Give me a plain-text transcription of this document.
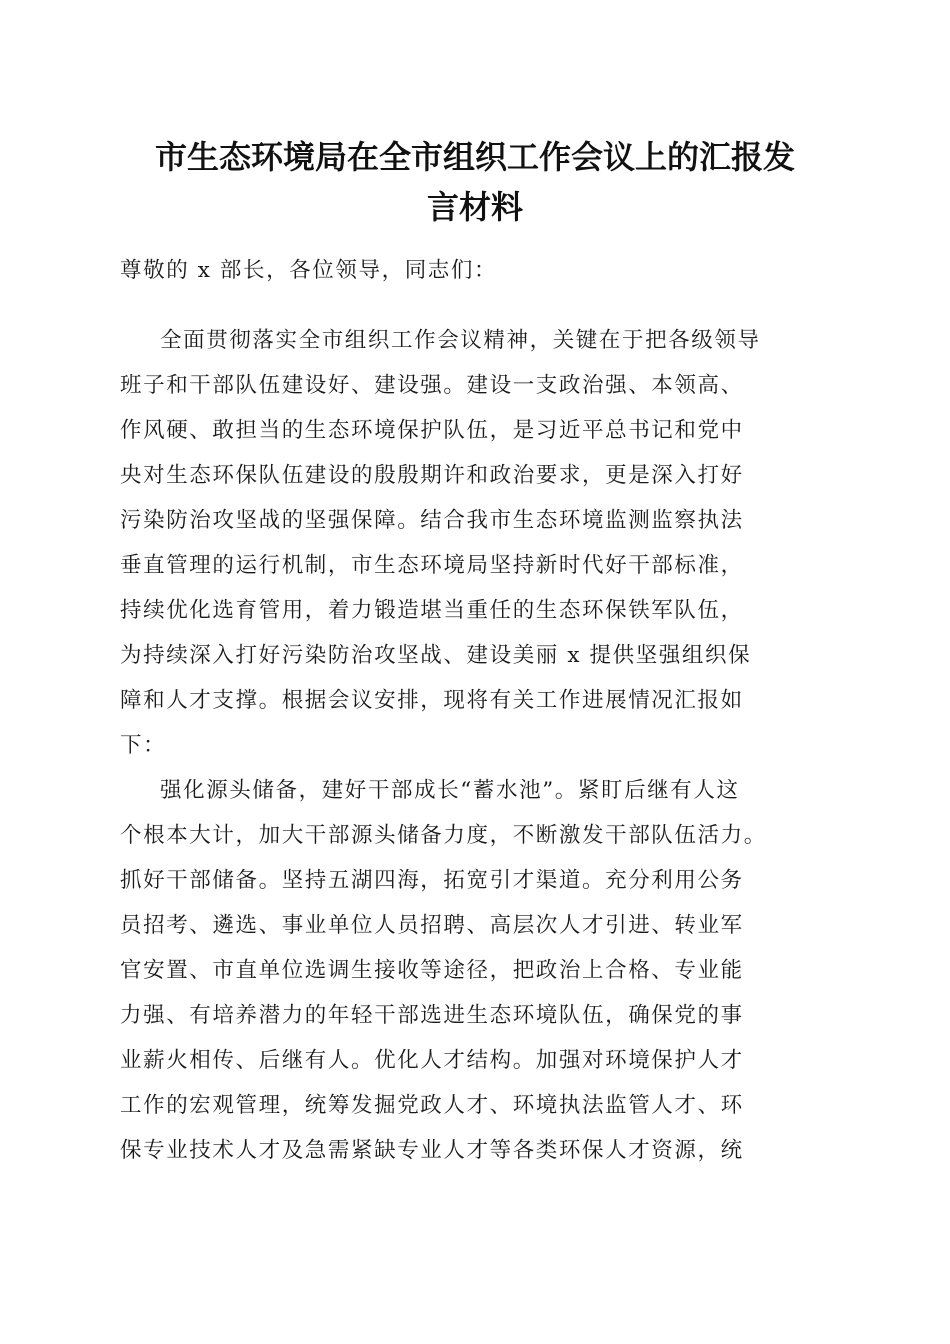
市生态环境局在全市组织工作会议上的汇报发
言材料
尊敬的 x 部长，各位领导，同志们：
全面贯彻落实全市组织工作会议精神，关键在于把各级领导
班子和干部队伍建设好、建设强。建设一支政治强、本领高、
作风硬、敢担当的生态环境保护队伍，是习近平总书记和党中
央对生态环保队伍建设的殷殷期许和政治要求，更是深入打好
污染防治攻坚战的坚强保障。结合我市生态环境监测监察执法
垂直管理的运行机制，市生态环境局坚持新时代好干部标准，
持续优化选育管用，着力锻造堪当重任的生态环保铁军队伍，
为持续深入打好污染防治攻坚战、建设美丽 x 提供坚强组织保
障和人才支撑。根据会议安排，现将有关工作进展情况汇报如
下：
强化源头储备，建好干部成长“蓄水池”。紧盯后继有人这
个根本大计，加大干部源头储备力度，不断激发干部队伍活力。
抓好干部储备。坚持五湖四海，拓宽引才渠道。充分利用公务
员招考、遴选、事业单位人员招聘、高层次人才引进、转业军
官安置、市直单位选调生接收等途径，把政治上合格、专业能
力强、有培养潜力的年轻干部选进生态环境队伍，确保党的事
业薪火相传、后继有人。优化人才结构。加强对环境保护人才
工作的宏观管理，统筹发掘党政人才、环境执法监管人才、环
保专业技术人才及急需紧缺专业人才等各类环保人才资源，统
